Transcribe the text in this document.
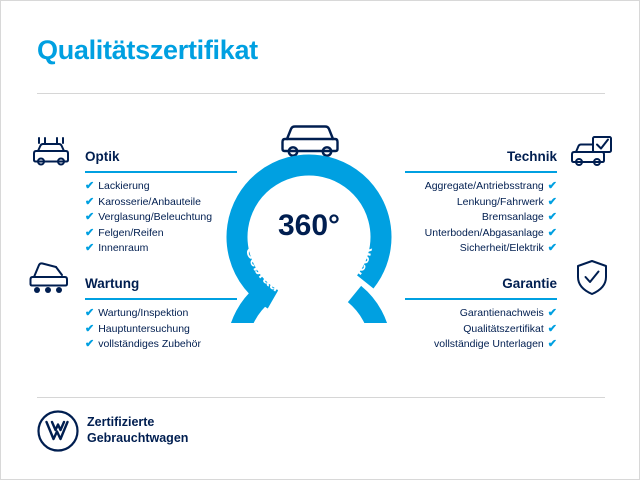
Qualitätszertifikat
Gebrauchtwagen-Check
360°
Optik
✔ Lackierung
✔ Karosserie/Anbauteile
✔ Verglasung/Beleuchtung
✔ Felgen/Reifen
✔ Innenraum
Technik
Aggregate/Antriebsstrang ✔
Lenkung/Fahrwerk ✔
Bremsanlage ✔
Unterboden/Abgasanlage ✔
Sicherheit/Elektrik ✔
Wartung
✔ Wartung/Inspektion
✔ Hauptuntersuchung
✔ vollständiges Zubehör
Garantie
Garantienachweis ✔
Qualitätszertifikat ✔
vollständige Unterlagen ✔
Zertifizierte
Gebrauchtwagen
